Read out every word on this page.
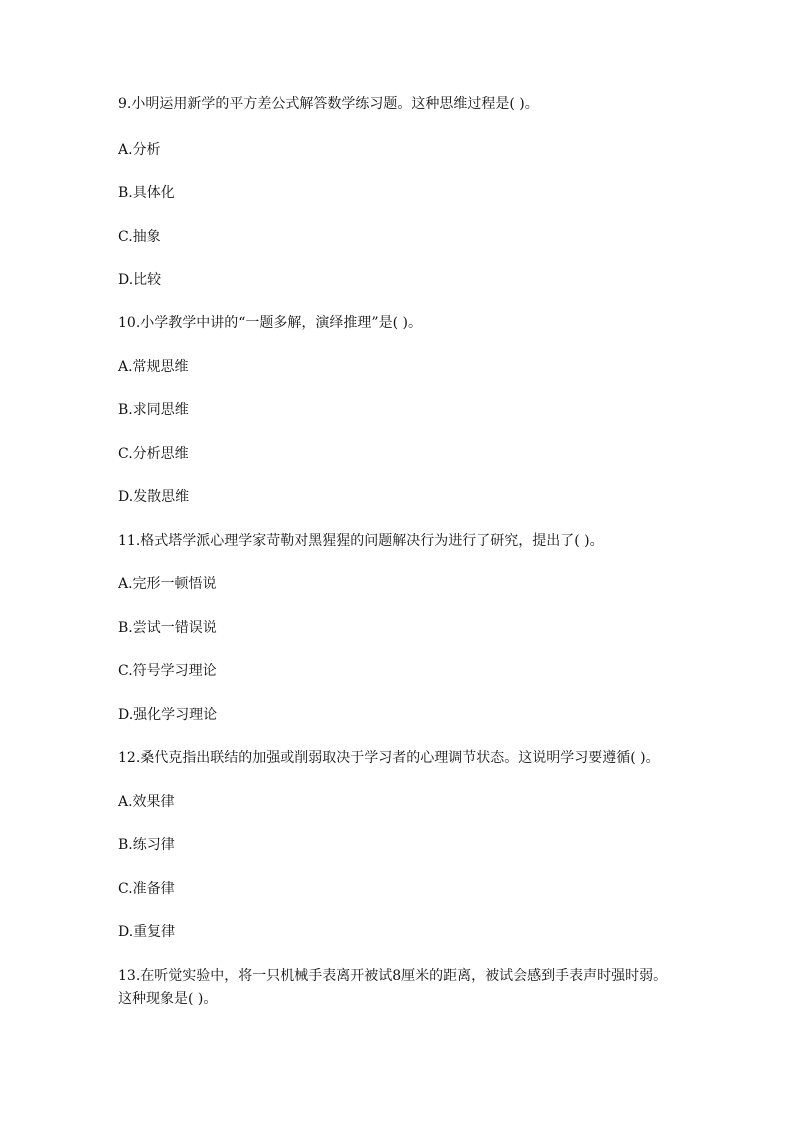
9.小明运用新学的平方差公式解答数学练习题。这种思维过程是( )。
A.分析
B.具体化
C.抽象
D.比较
10.小学教学中讲的“一题多解，演绎推理”是( )。
A.常规思维
B.求同思维
C.分析思维
D.发散思维
11.格式塔学派心理学家苛勒对黑猩猩的问题解决行为进行了研究，提出了( )。
A.完形一顿悟说
B.尝试一错误说
C.符号学习理论
D.强化学习理论
12.桑代克指出联结的加强或削弱取决于学习者的心理调节状态。这说明学习要遵循( )。
A.效果律
B.练习律
C.准备律
D.重复律
13.在听觉实验中，将一只机械手表离开被试8厘米的距离，被试会感到手表声时强时弱。
这种现象是( )。
